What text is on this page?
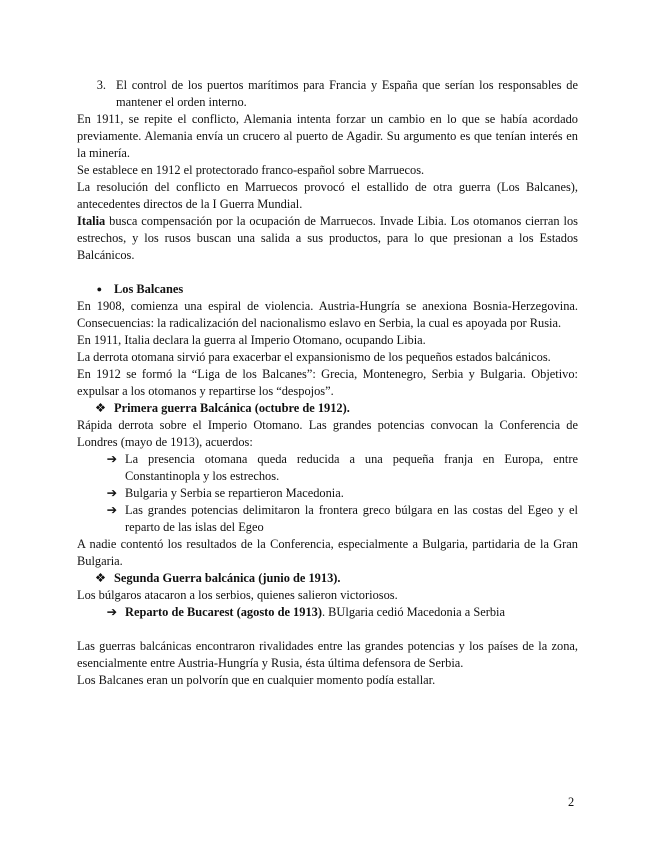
3. El control de los puertos marítimos para Francia y España que serían los responsables de mantener el orden interno.

En 1911, se repite el conflicto, Alemania intenta forzar un cambio en lo que se había acordado previamente. Alemania envía un crucero al puerto de Agadir. Su argumento es que tenían interés en la minería.

Se establece en 1912 el protectorado franco-español sobre Marruecos.

La resolución del conflicto en Marruecos provocó el estallido de otra guerra (Los Balcanes), antecedentes directos de la I Guerra Mundial.

Italia busca compensación por la ocupación de Marruecos. Invade Libia. Los otomanos cierran los estrechos, y los rusos buscan una salida a sus productos, para lo que presionan a los Estados Balcánicos.

● Los Balcanes

En 1908, comienza una espiral de violencia. Austria-Hungría se anexiona Bosnia-Herzegovina. Consecuencias: la radicalización del nacionalismo eslavo en Serbia, la cual es apoyada por Rusia.

En 1911, Italia declara la guerra al Imperio Otomano, ocupando Libia.

La derrota otomana sirvió para exacerbar el expansionismo de los pequeños estados balcánicos.

En 1912 se formó la “Liga de los Balcanes”: Grecia, Montenegro, Serbia y Bulgaria. Objetivo: expulsar a los otomanos y repartirse los “despojos”.

❖ Primera guerra Balcánica (octubre de 1912).

Rápida derrota sobre el Imperio Otomano. Las grandes potencias convocan la Conferencia de Londres (mayo de 1913), acuerdos:

➔ La presencia otomana queda reducida a una pequeña franja en Europa, entre Constantinopla y los estrechos.
➔ Bulgaria y Serbia se repartieron Macedonia.
➔ Las grandes potencias delimitaron la frontera greco búlgara en las costas del Egeo y el reparto de las islas del Egeo

A nadie contentó los resultados de la Conferencia, especialmente a Bulgaria, partidaria de la Gran Bulgaria.

❖ Segunda Guerra balcánica (junio de 1913).

Los búlgaros atacaron a los serbios, quienes salieron victoriosos.

➔ Reparto de Bucarest (agosto de 1913). BUlgaria cedió Macedonia a Serbia

Las guerras balcánicas encontraron rivalidades entre las grandes potencias y los países de la zona, esencialmente entre Austria-Hungría y Rusia, ésta última defensora de Serbia.

Los Balcanes eran un polvorín que en cualquier momento podía estallar.

2
